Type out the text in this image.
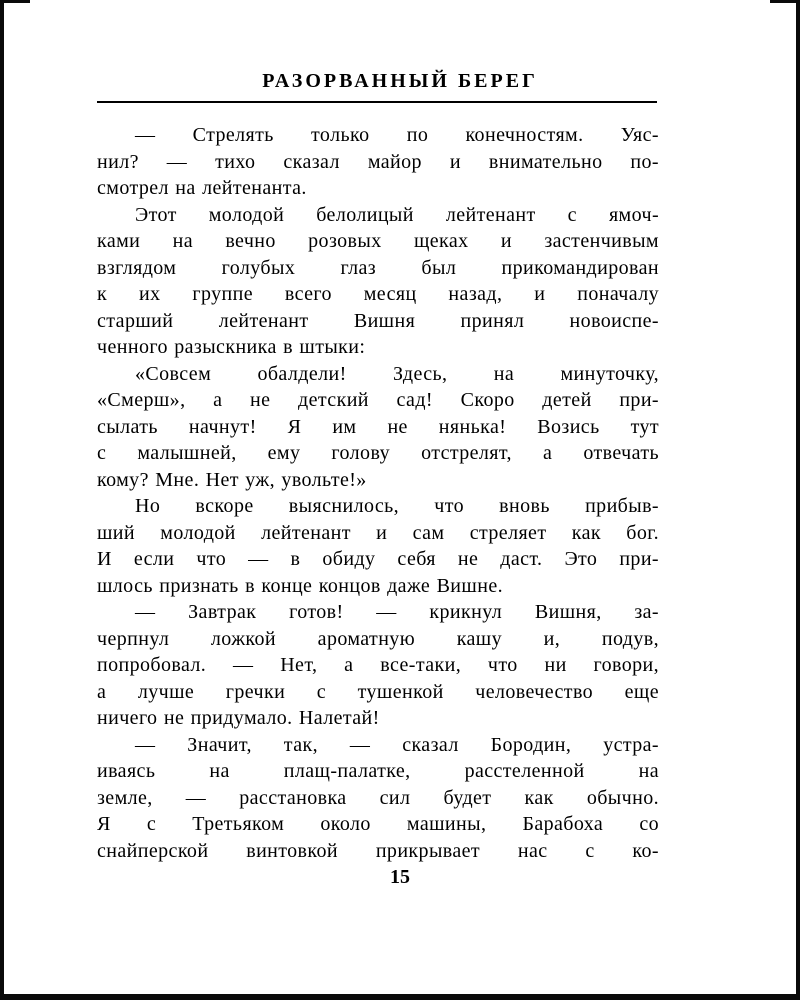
РАЗОРВАННЫЙ БЕРЕГ
— Стрелять только по конечностям. Уяс-
нил? — тихо сказал майор и внимательно по-
смотрел на лейтенанта.
Этот молодой белолицый лейтенант с ямоч-
ками на вечно розовых щеках и застенчивым
взглядом голубых глаз был прикомандирован
к их группе всего месяц назад, и поначалу
старший лейтенант Вишня принял новоиспе-
ченного разыскника в штыки:
«Совсем обалдели! Здесь, на минуточку,
«Смерш», а не детский сад! Скоро детей при-
сылать начнут! Я им не нянька! Возись тут
с малышней, ему голову отстрелят, а отвечать
кому? Мне. Нет уж, увольте!»
Но вскоре выяснилось, что вновь прибыв-
ший молодой лейтенант и сам стреляет как бог.
И если что — в обиду себя не даст. Это при-
шлось признать в конце концов даже Вишне.
— Завтрак готов! — крикнул Вишня, за-
черпнул ложкой ароматную кашу и, подув,
попробовал. — Нет, а все-таки, что ни говори,
а лучше гречки с тушенкой человечество еще
ничего не придумало. Налетай!
— Значит, так, — сказал Бородин, устра-
иваясь на плащ-палатке, расстеленной на
земле, — расстановка сил будет как обычно.
Я с Третьяком около машины, Барабоха со
снайперской винтовкой прикрывает нас с ко-
15
